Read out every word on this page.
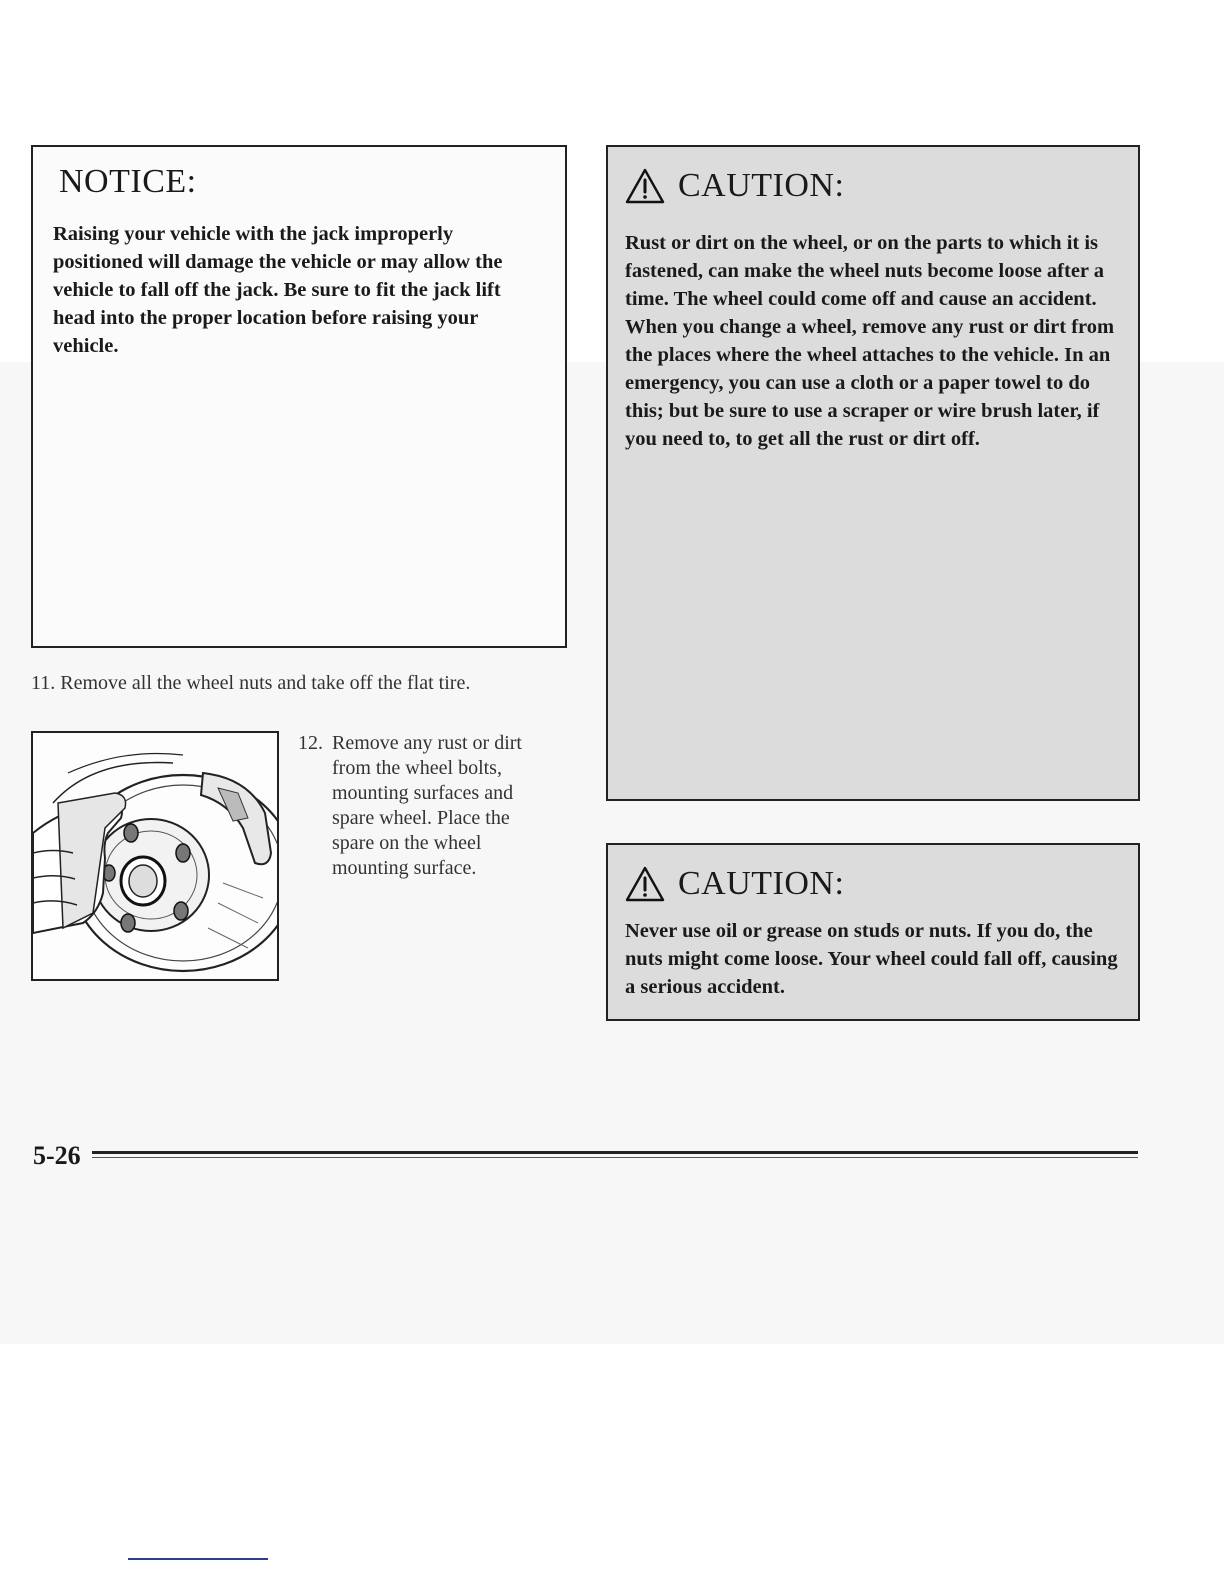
NOTICE:

Raising your vehicle with the jack improperly positioned will damage the vehicle or may allow the vehicle to fall off the jack. Be sure to fit the jack lift head into the proper location before raising your vehicle.

11. Remove all the wheel nuts and take off the flat tire.

12. Remove any rust or dirt from the wheel bolts, mounting surfaces and spare wheel. Place the spare on the wheel mounting surface.

CAUTION:

Rust or dirt on the wheel, or on the parts to which it is fastened, can make the wheel nuts become loose after a time. The wheel could come off and cause an accident. When you change a wheel, remove any rust or dirt from the places where the wheel attaches to the vehicle. In an emergency, you can use a cloth or a paper towel to do this; but be sure to use a scraper or wire brush later, if you need to, to get all the rust or dirt off.

CAUTION:

Never use oil or grease on studs or nuts. If you do, the nuts might come loose. Your wheel could fall off, causing a serious accident.

5-26
